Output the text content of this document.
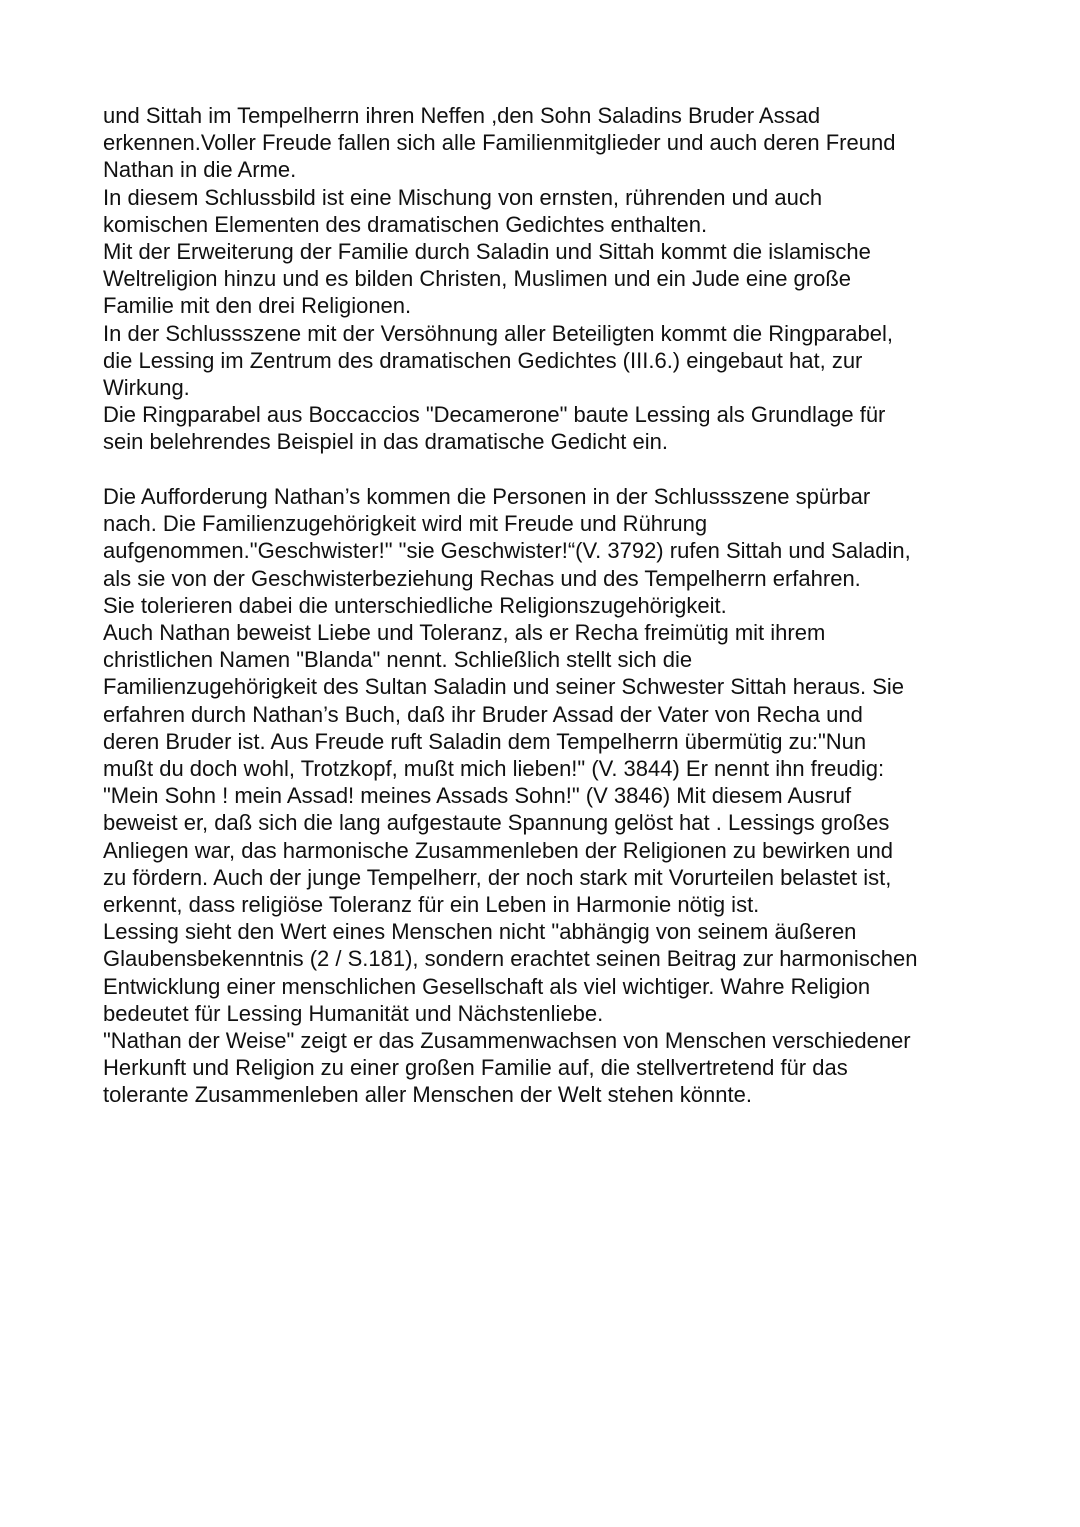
und Sittah im Tempelherrn ihren Neffen ,den Sohn Saladins Bruder Assad
erkennen.Voller Freude fallen sich alle Familienmitglieder und auch deren Freund
Nathan in die Arme.
In diesem Schlussbild ist eine Mischung von ernsten, rührenden und auch
komischen Elementen des dramatischen Gedichtes enthalten.
Mit der Erweiterung der Familie durch Saladin und Sittah kommt die islamische
Weltreligion hinzu und es bilden Christen, Muslimen und ein Jude eine große
Familie mit den drei Religionen.
In der Schlussszene mit der Versöhnung aller Beteiligten kommt die Ringparabel,
die Lessing im Zentrum des dramatischen Gedichtes (III.6.) eingebaut hat, zur
Wirkung.
Die Ringparabel aus Boccaccios "Decamerone" baute Lessing als Grundlage für
sein belehrendes Beispiel in das dramatische Gedicht ein.
Die Aufforderung Nathan’s kommen die Personen in der Schlussszene spürbar
nach. Die Familienzugehörigkeit wird mit Freude und Rührung
aufgenommen."Geschwister!" "sie Geschwister!“(V. 3792) rufen Sittah und Saladin,
als sie von der Geschwisterbeziehung Rechas und des Tempelherrn erfahren.
Sie tolerieren dabei die unterschiedliche Religionszugehörigkeit.
Auch Nathan beweist Liebe und Toleranz, als er Recha freimütig mit ihrem
christlichen Namen "Blanda" nennt. Schließlich stellt sich die
Familienzugehörigkeit des Sultan Saladin und seiner Schwester Sittah heraus. Sie
erfahren durch Nathan’s Buch, daß ihr Bruder Assad der Vater von Recha und
deren Bruder ist. Aus Freude ruft Saladin dem Tempelherrn übermütig zu:"Nun
mußt du doch wohl, Trotzkopf, mußt mich lieben!" (V. 3844) Er nennt ihn freudig:
"Mein Sohn ! mein Assad! meines Assads Sohn!" (V 3846) Mit diesem Ausruf
beweist er, daß sich die lang aufgestaute Spannung gelöst hat . Lessings großes
Anliegen war, das harmonische Zusammenleben der Religionen zu bewirken und
zu fördern. Auch der junge Tempelherr, der noch stark mit Vorurteilen belastet ist,
erkennt, dass religiöse Toleranz für ein Leben in Harmonie nötig ist.
Lessing sieht den Wert eines Menschen nicht "abhängig von seinem äußeren
Glaubensbekenntnis (2 / S.181), sondern erachtet seinen Beitrag zur harmonischen
Entwicklung einer menschlichen Gesellschaft als viel wichtiger. Wahre Religion
bedeutet für Lessing Humanität und Nächstenliebe.
"Nathan der Weise" zeigt er das Zusammenwachsen von Menschen verschiedener
Herkunft und Religion zu einer großen Familie auf, die stellvertretend für das
tolerante Zusammenleben aller Menschen der Welt stehen könnte.
